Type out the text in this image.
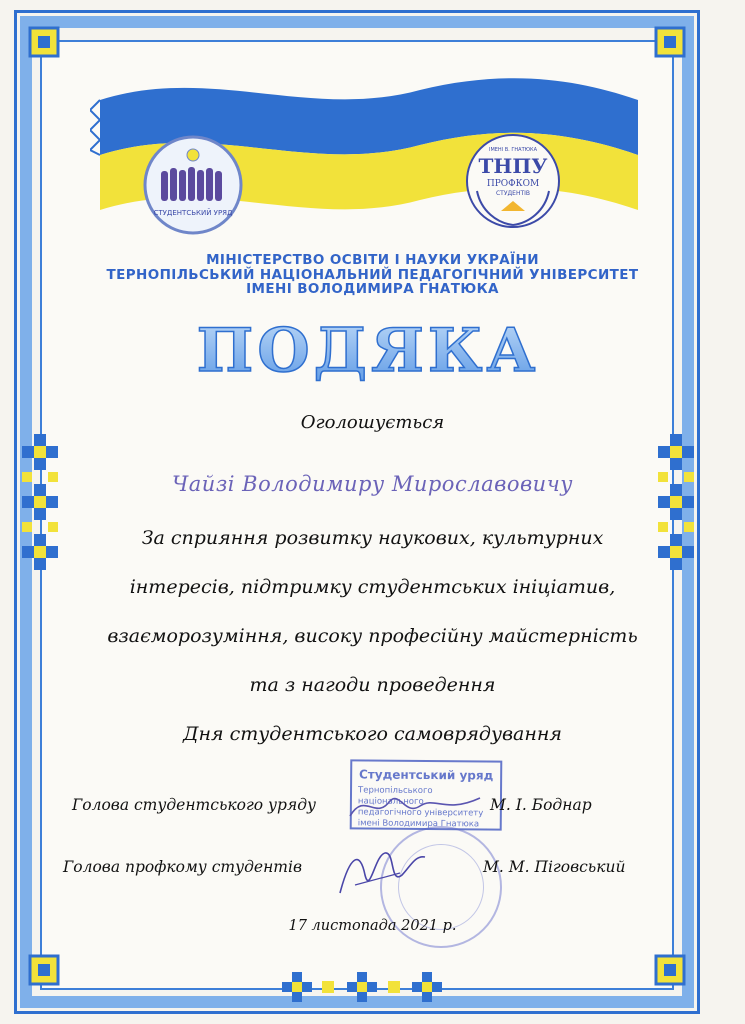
СТУДЕНТСЬКИЙ УРЯД
ІМЕНІ В. ГНАТЮКА
ТНПУ
ПРОФКОМ
СТУДЕНТІВ
МІНІСТЕРСТВО ОСВІТИ І НАУКИ УКРАЇНИ
ТЕРНОПІЛЬСЬКИЙ НАЦІОНАЛЬНИЙ ПЕДАГОГІЧНИЙ УНІВЕРСИТЕТ
ІМЕНІ ВОЛОДИМИРА ГНАТЮКА
ПОДЯКА
Оголошується
Чайзі Володимиру Мирославовичу
За сприяння розвитку наукових, культурних
інтересів, підтримку студентських ініціатив,
взаєморозуміння, високу професійну майстерність
та з нагоди проведення
Дня студентського самоврядування
Студентський уряд
Тернопільського національного
педагогічного університету
імені Володимира Гнатюка
Голова студентського уряду	М. І. Боднар
Голова профкому студентів	М. М. Піговський
17 листопада 2021 р.
